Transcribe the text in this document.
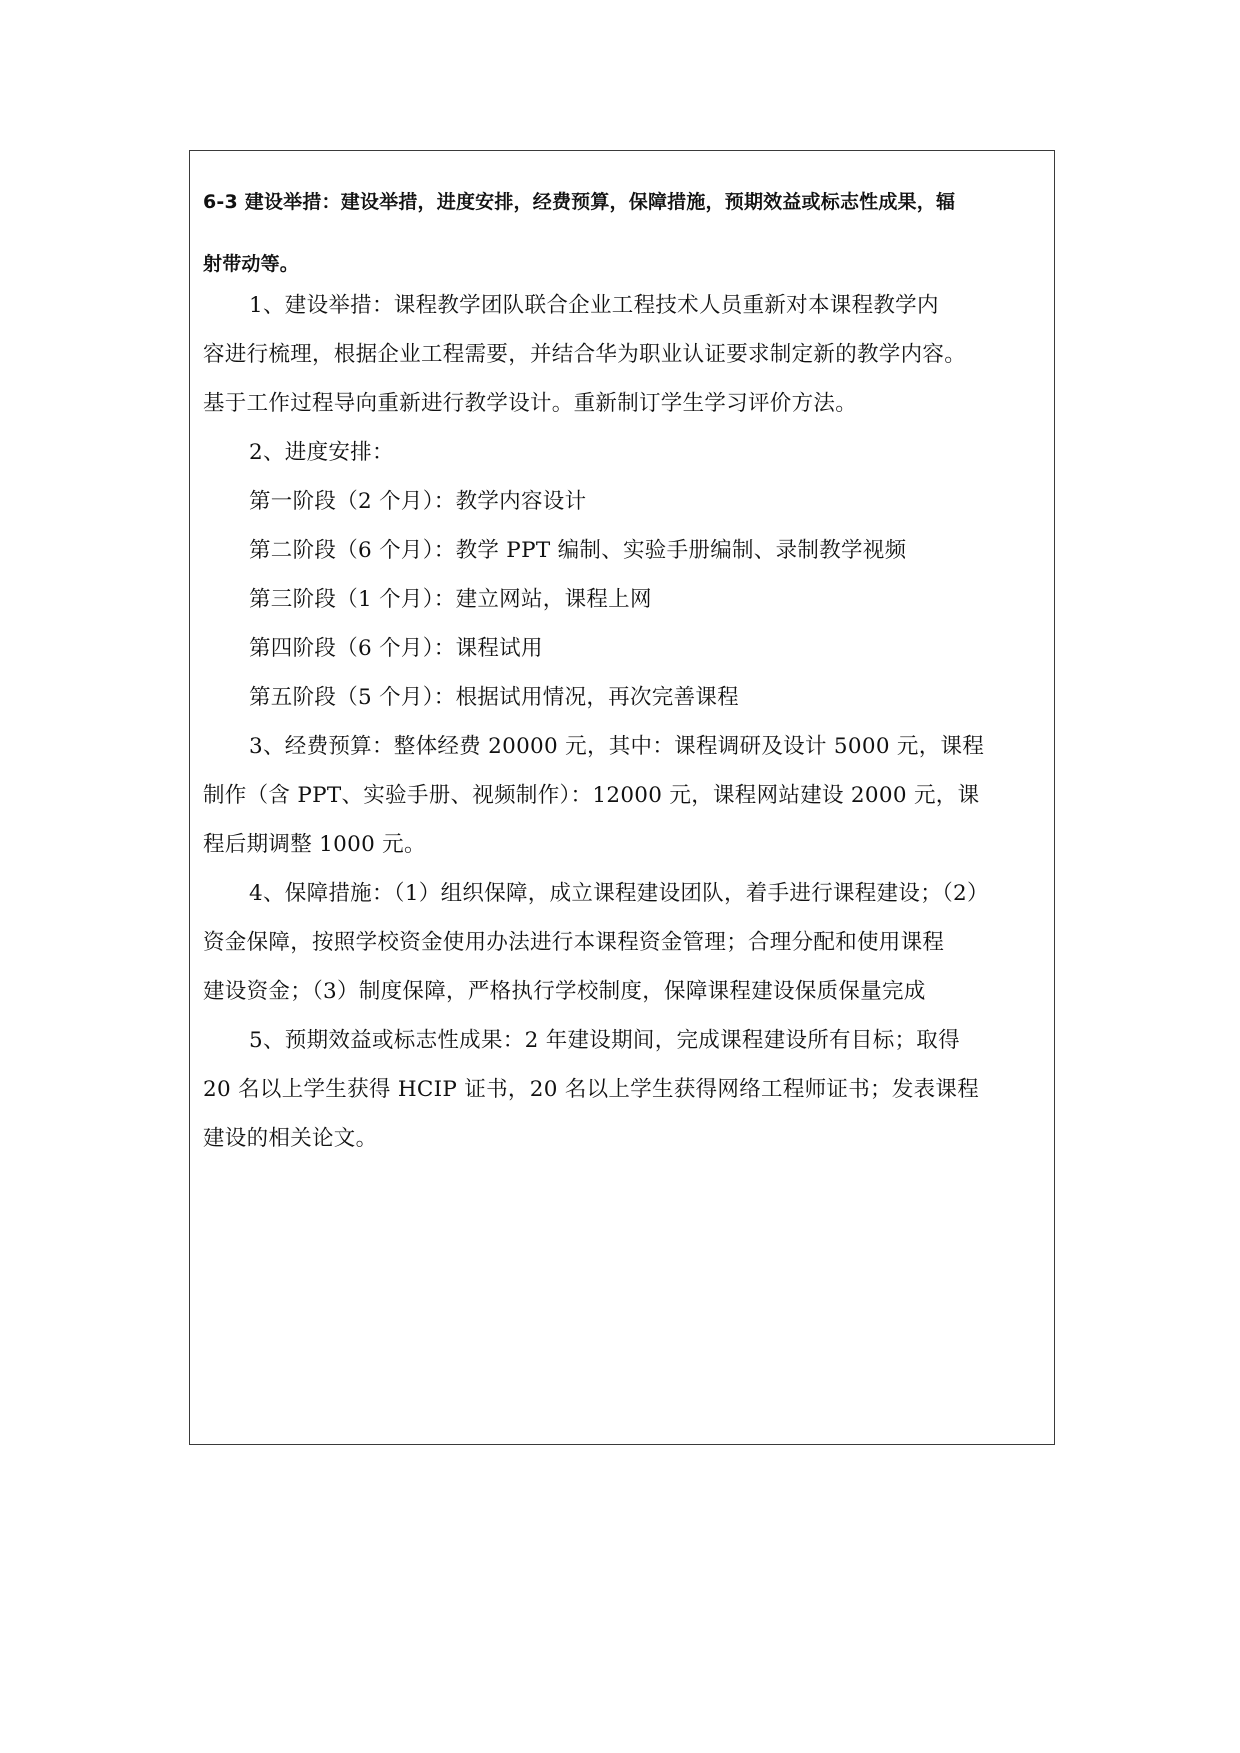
6-3 建设举措：建设举措，进度安排，经费预算，保障措施，预期效益或标志性成果，辐
射带动等。

1、建设举措：课程教学团队联合企业工程技术人员重新对本课程教学内
容进行梳理，根据企业工程需要，并结合华为职业认证要求制定新的教学内容。
基于工作过程导向重新进行教学设计。重新制订学生学习评价方法。

2、进度安排：
第一阶段（2 个月）：教学内容设计
第二阶段（6 个月）：教学 PPT 编制、实验手册编制、录制教学视频
第三阶段（1 个月）：建立网站，课程上网
第四阶段（6 个月）：课程试用
第五阶段（5 个月）：根据试用情况，再次完善课程

3、经费预算：整体经费 20000 元，其中：课程调研及设计 5000 元，课程
制作（含 PPT、实验手册、视频制作）：12000 元，课程网站建设 2000 元，课
程后期调整 1000 元。

4、保障措施：（1）组织保障，成立课程建设团队，着手进行课程建设；（2）
资金保障，按照学校资金使用办法进行本课程资金管理；合理分配和使用课程
建设资金；（3）制度保障，严格执行学校制度，保障课程建设保质保量完成

5、预期效益或标志性成果：2 年建设期间，完成课程建设所有目标；取得
20 名以上学生获得 HCIP 证书，20 名以上学生获得网络工程师证书；发表课程
建设的相关论文。
